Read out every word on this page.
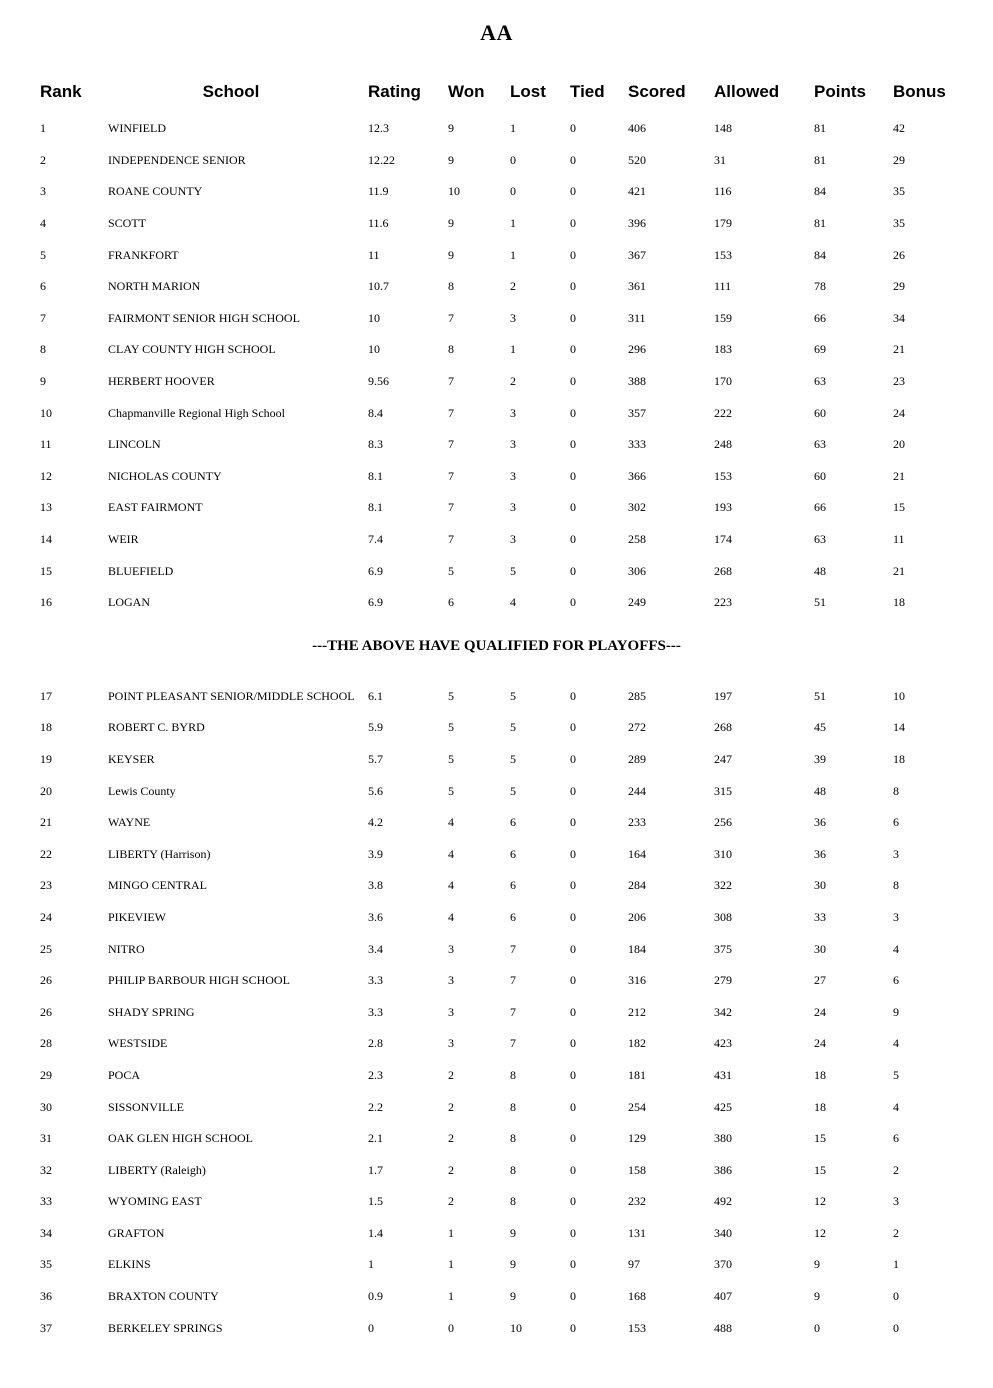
AA
Rank	School	Rating	Won	Lost	Tied	Scored	Allowed	Points	Bonus
1	WINFIELD	12.3	9	1	0	406	148	81	42
2	INDEPENDENCE SENIOR	12.22	9	0	0	520	31	81	29
3	ROANE COUNTY	11.9	10	0	0	421	116	84	35
4	SCOTT	11.6	9	1	0	396	179	81	35
5	FRANKFORT	11	9	1	0	367	153	84	26
6	NORTH MARION	10.7	8	2	0	361	111	78	29
7	FAIRMONT SENIOR HIGH SCHOOL	10	7	3	0	311	159	66	34
8	CLAY COUNTY HIGH SCHOOL	10	8	1	0	296	183	69	21
9	HERBERT HOOVER	9.56	7	2	0	388	170	63	23
10	Chapmanville Regional High School	8.4	7	3	0	357	222	60	24
11	LINCOLN	8.3	7	3	0	333	248	63	20
12	NICHOLAS COUNTY	8.1	7	3	0	366	153	60	21
13	EAST FAIRMONT	8.1	7	3	0	302	193	66	15
14	WEIR	7.4	7	3	0	258	174	63	11
15	BLUEFIELD	6.9	5	5	0	306	268	48	21
16	LOGAN	6.9	6	4	0	249	223	51	18
---THE ABOVE HAVE QUALIFIED FOR PLAYOFFS---
17	POINT PLEASANT SENIOR/MIDDLE SCHOOL	6.1	5	5	0	285	197	51	10
18	ROBERT C. BYRD	5.9	5	5	0	272	268	45	14
19	KEYSER	5.7	5	5	0	289	247	39	18
20	Lewis County	5.6	5	5	0	244	315	48	8
21	WAYNE	4.2	4	6	0	233	256	36	6
22	LIBERTY (Harrison)	3.9	4	6	0	164	310	36	3
23	MINGO CENTRAL	3.8	4	6	0	284	322	30	8
24	PIKEVIEW	3.6	4	6	0	206	308	33	3
25	NITRO	3.4	3	7	0	184	375	30	4
26	PHILIP BARBOUR HIGH SCHOOL	3.3	3	7	0	316	279	27	6
26	SHADY SPRING	3.3	3	7	0	212	342	24	9
28	WESTSIDE	2.8	3	7	0	182	423	24	4
29	POCA	2.3	2	8	0	181	431	18	5
30	SISSONVILLE	2.2	2	8	0	254	425	18	4
31	OAK GLEN HIGH SCHOOL	2.1	2	8	0	129	380	15	6
32	LIBERTY (Raleigh)	1.7	2	8	0	158	386	15	2
33	WYOMING EAST	1.5	2	8	0	232	492	12	3
34	GRAFTON	1.4	1	9	0	131	340	12	2
35	ELKINS	1	1	9	0	97	370	9	1
36	BRAXTON COUNTY	0.9	1	9	0	168	407	9	0
37	BERKELEY SPRINGS	0	0	10	0	153	488	0	0
